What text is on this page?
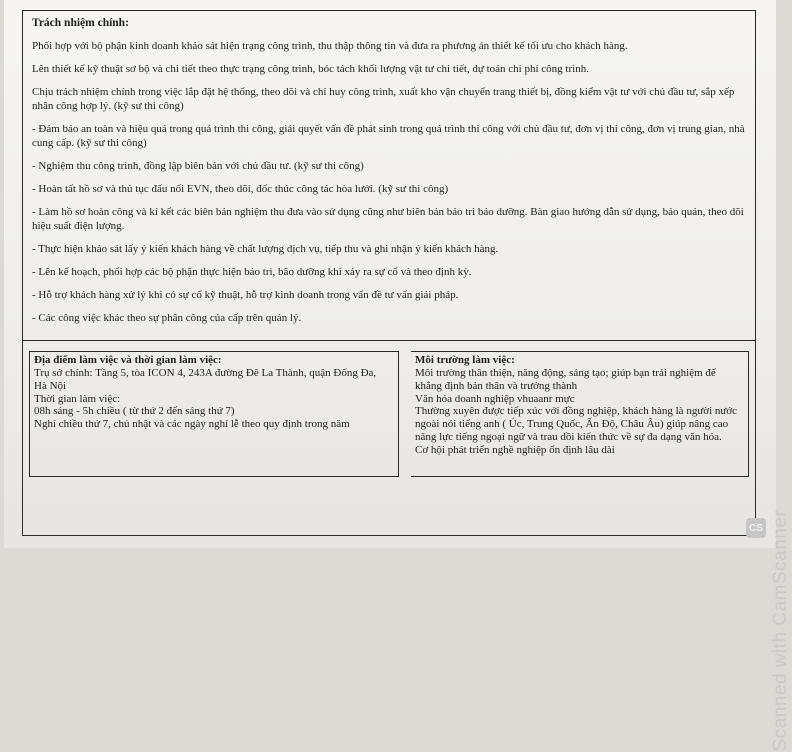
Trách nhiệm chính:

Phối hợp với bộ phận kinh doanh khảo sát hiện trạng công trình, thu thập thông tin và đưa ra phương án thiết kế tối ưu cho khách hàng.

Lên thiết kế kỹ thuật sơ bộ và chi tiết theo thực trạng công trình, bóc tách khối lượng vật tư chi tiết, dự toán chi phí công trình.

Chịu trách nhiệm chính trong việc lắp đặt hệ thống, theo dõi và chỉ huy công trình, xuất kho vận chuyển trang thiết bị, đồng kiểm vật tư với chủ đầu tư, sắp xếp nhân công hợp lý. (kỹ sư thi công)

- Đảm bảo an toàn và hiệu quả trong quá trình thi công, giải quyết vấn đề phát sinh trong quá trình thi công với chủ đầu tư, đơn vị thi công, đơn vị trung gian, nhà cung cấp. (kỹ sư thi công)

- Nghiệm thu công trình, đồng lập biên bản với chủ đầu tư. (kỹ sư thi công)

- Hoàn tất hồ sơ và thủ tục đấu nối EVN, theo dõi, đốc thúc công tác hòa lưới. (kỹ sư thi công)

- Làm hồ sơ hoàn công và kí kết các biên bản nghiệm thu đưa vào sử dụng cũng như biên bản bảo trì bảo dưỡng. Bàn giao hướng dẫn sử dụng, bảo quản, theo dõi hiệu suất điện lượng.

- Thực hiện khảo sát lấy ý kiến khách hàng về chất lượng dịch vụ, tiếp thu và ghi nhận ý kiến khách hàng.

- Lên kế hoạch, phối hợp các bộ phận thực hiện bảo trì, bão dưỡng khi xảy ra sự cố và theo định kỳ.

- Hỗ trợ khách hàng xử lý khi có sự cố kỹ thuật, hỗ trợ kinh doanh trong vấn đề tư vấn giải pháp.

- Các công việc khác theo sự phân công của cấp trên quản lý.

Địa điểm làm việc và thời gian làm việc:
Trụ sở chính: Tầng 5, tòa ICON 4, 243A đường Đê La Thành, quận Đống Đa,
Hà Nội
Thời gian làm việc:
08h sáng - 5h chiều ( từ thứ 2 đến sáng thứ 7)
Nghỉ chiều thứ 7, chủ nhật và các ngày nghỉ lễ theo quy định trong năm
Môi trường làm việc:
Môi trường thân thiện, năng động, sáng tạo; giúp bạn trải nghiệm để
khẳng định bản thân và trưởng thành
Văn hóa doanh nghiệp vhuaanr mực
Thường xuyên được tiếp xúc với đồng nghiệp, khách hàng là người nước
ngoài nói tiếng anh ( Úc, Trung Quốc, Ấn Độ, Châu Âu) giúp nâng cao
năng lực tiếng ngoại ngữ và trau dồi kiến thức về sự đa dạng văn hóa.
Cơ hội phát triển nghề nghiệp ổn định lâu dài
Scanned with CamScanner
CS
